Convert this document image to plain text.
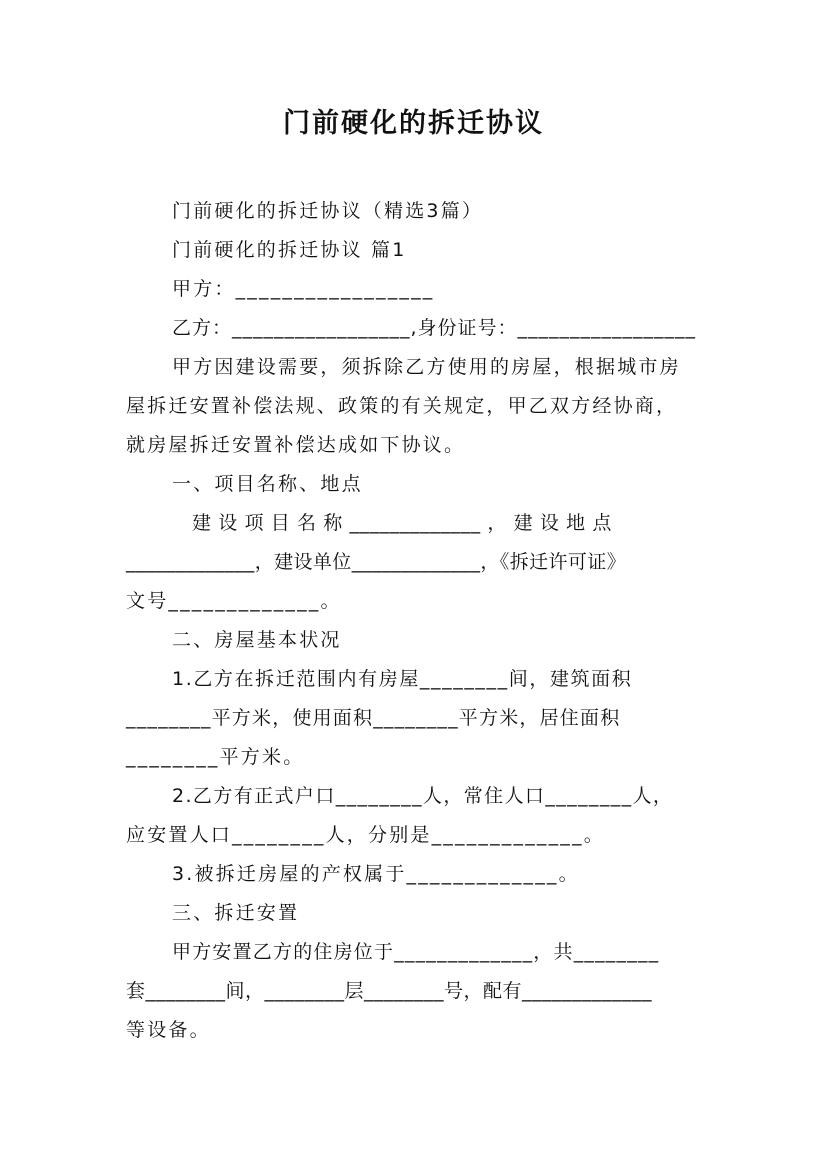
门前硬化的拆迁协议
门前硬化的拆迁协议（精选3篇）
门前硬化的拆迁协议 篇1
甲方：_________________
乙方：_________________,身份证号：_________________
甲方因建设需要，须拆除乙方使用的房屋，根据城市房
屋拆迁安置补偿法规、政策的有关规定，甲乙双方经协商，
就房屋拆迁安置补偿达成如下协议。
一、项目名称、地点
建 设 项 目 名 称 _____________ ， 建 设 地 点
_____________，建设单位_____________，《拆迁许可证》
文号_____________。
二、房屋基本状况
1.乙方在拆迁范围内有房屋________间，建筑面积
________平方米，使用面积________平方米，居住面积
________平方米。
2.乙方有正式户口________人，常住人口________人，
应安置人口________人，分别是_____________。
3.被拆迁房屋的产权属于_____________。
三、拆迁安置
甲方安置乙方的住房位于_____________，共________
套________间，________层________号，配有_____________
等设备。
